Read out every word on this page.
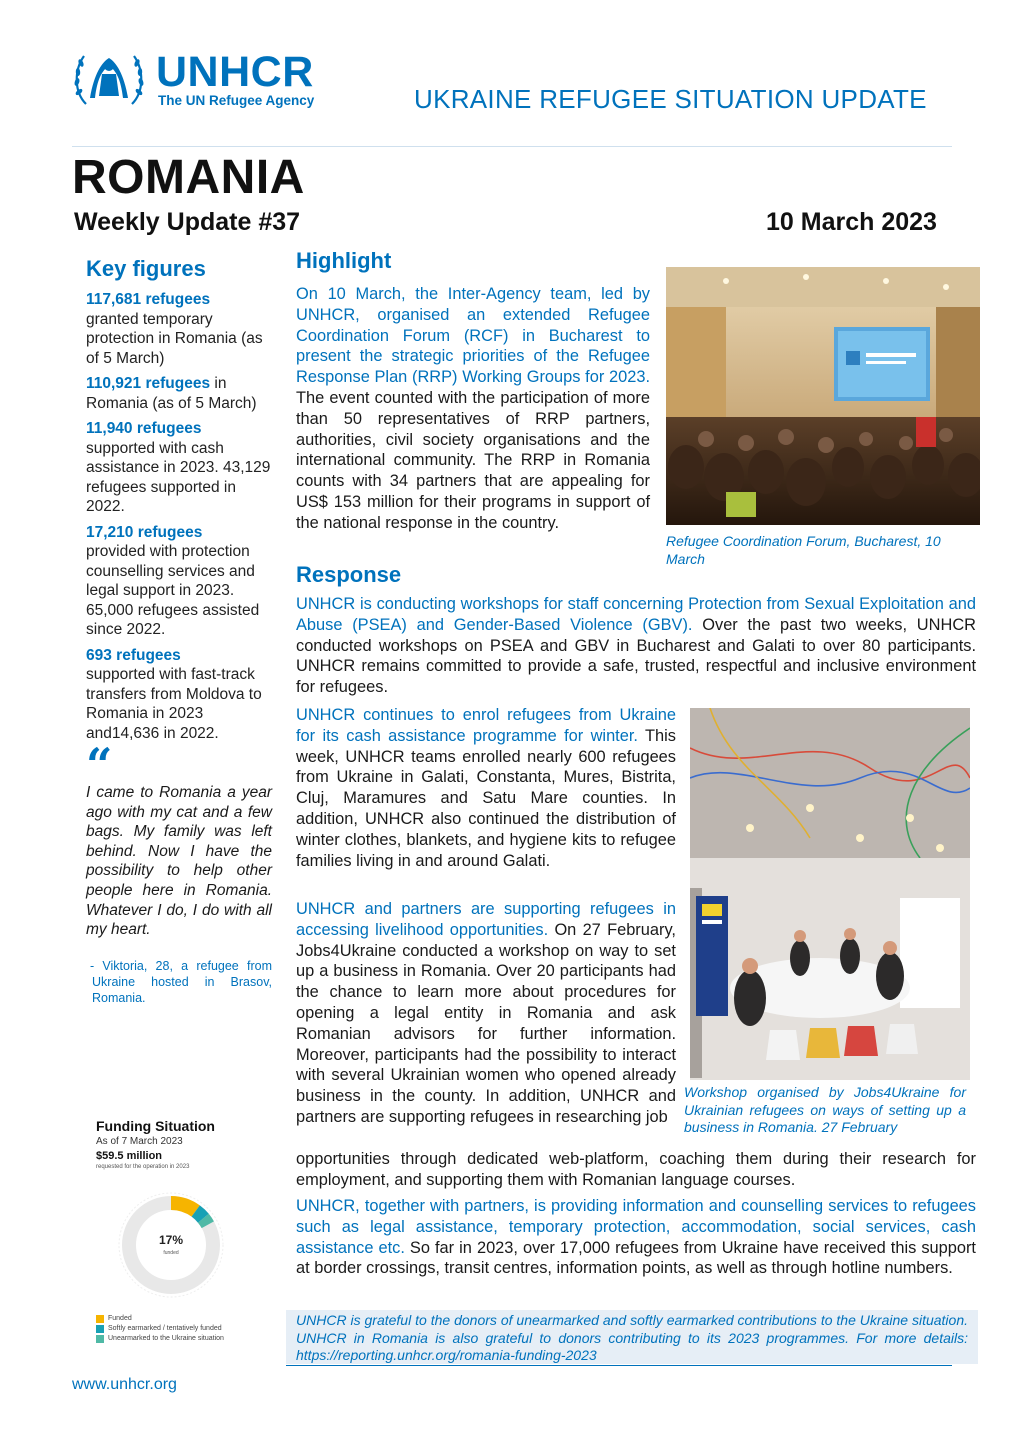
UNHCR
The UN Refugee Agency	UKRAINE REFUGEE SITUATION UPDATE
ROMANIA
Weekly Update #37	10 March 2023
Key figures
117,681 refugees
granted temporary protection in Romania (as of 5 March)
110,921 refugees in Romania (as of 5 March)
11,940 refugees
supported with cash assistance in 2023. 43,129 refugees supported in 2022.
17,210 refugees
provided with protection counselling services and legal support in 2023. 65,000 refugees assisted since 2022.
693 refugees
supported with fast-track transfers from Moldova to Romania in 2023 and14,636 in 2022.
“
I came to Romania a year ago with my cat and a few bags. My family was left behind. Now I have the possibility to help other people here in Romania. Whatever I do, I do with all my heart.
- Viktoria, 28, a refugee from Ukraine hosted in Brasov, Romania.
Funding Situation
As of 7 March 2023
$59.5 million
requested for the operation in 2023
17%
funded
Funded
Softly earmarked / tentatively funded
Unearmarked to the Ukraine situation
www.unhcr.org
Highlight
On 10 March, the Inter-Agency team, led by UNHCR, organised an extended Refugee Coordination Forum (RCF) in Bucharest to present the strategic priorities of the Refugee Response Plan (RRP) Working Groups for 2023. The event counted with the participation of more than 50 representatives of RRP partners, authorities, civil society organisations and the international community. The RRP in Romania counts with 34 partners that are appealing for US$ 153 million for their programs in support of the national response in the country.
Refugee Coordination Forum, Bucharest, 10 March
Response
UNHCR is conducting workshops for staff concerning Protection from Sexual Exploitation and Abuse (PSEA) and Gender-Based Violence (GBV). Over the past two weeks, UNHCR conducted workshops on PSEA and GBV in Bucharest and Galati to over 80 participants. UNHCR remains committed to provide a safe, trusted, respectful and inclusive environment for refugees.
UNHCR continues to enrol refugees from Ukraine for its cash assistance programme for winter. This week, UNHCR teams enrolled nearly 600 refugees from Ukraine in Galati, Constanta, Mures, Bistrita, Cluj, Maramures and Satu Mare counties. In addition, UNHCR also continued the distribution of winter clothes, blankets, and hygiene kits to refugee families living in and around Galati.
UNHCR and partners are supporting refugees in accessing livelihood opportunities. On 27 February, Jobs4Ukraine conducted a workshop on way to set up a business in Romania. Over 20 participants had the chance to learn more about procedures for opening a legal entity in Romania and ask Romanian advisors for further information. Moreover, participants had the possibility to interact with several Ukrainian women who opened already business in the county. In addition, UNHCR and partners are supporting refugees in researching job
opportunities through dedicated web-platform, coaching them during their research for employment, and supporting them with Romanian language courses.
Workshop organised by Jobs4Ukraine for Ukrainian refugees on ways of setting up a business in Romania. 27 February
UNHCR, together with partners, is providing information and counselling services to refugees such as legal assistance, temporary protection, accommodation, social services, cash assistance etc. So far in 2023, over 17,000 refugees from Ukraine have received this support at border crossings, transit centres, information points, as well as through hotline numbers.
UNHCR is grateful to the donors of unearmarked and softly earmarked contributions to the Ukraine situation. UNHCR in Romania is also grateful to donors contributing to its 2023 programmes. For more details: https://reporting.unhcr.org/romania-funding-2023
